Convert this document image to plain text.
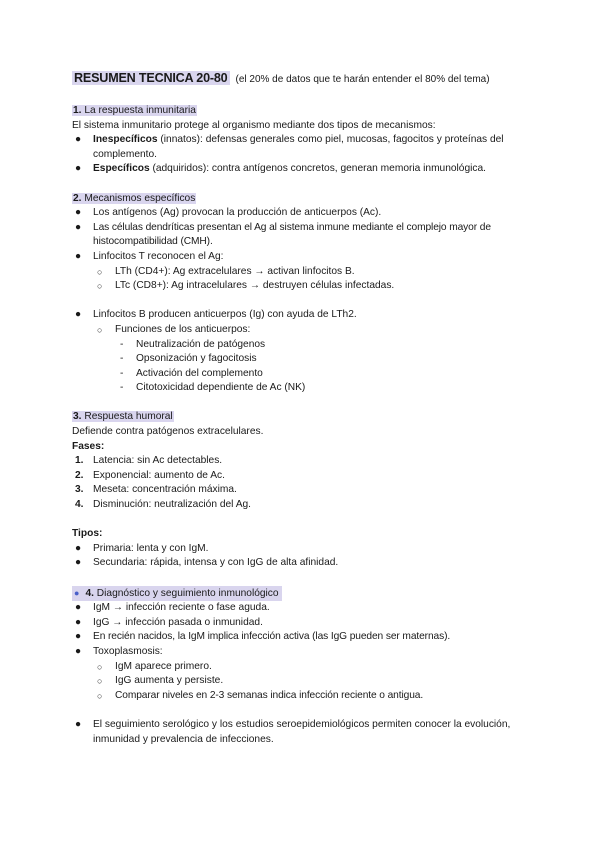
RESUMEN TECNICA 20-80 (el 20% de datos que te harán entender el 80% del tema)
1. La respuesta inmunitaria

El sistema inmunitario protege al organismo mediante dos tipos de mecanismos:

● Inespecíficos (innatos): defensas generales como piel, mucosas, fagocitos y proteínas del complemento.
● Específicos (adquiridos): contra antígenos concretos, generan memoria inmunológica.
2. Mecanismos específicos
● Los antígenos (Ag) provocan la producción de anticuerpos (Ac).
● Las células dendríticas presentan el Ag al sistema inmune mediante el complejo mayor de histocompatibilidad (CMH).
● Linfocitos T reconocen el Ag:
○ LTh (CD4+): Ag extracelulares → activan linfocitos B.
○ LTc (CD8+): Ag intracelulares → destruyen células infectadas.
● Linfocitos B producen anticuerpos (Ig) con ayuda de LTh2.
○ Funciones de los anticuerpos:
- Neutralización de patógenos
- Opsonización y fagocitosis
- Activación del complemento
- Citotoxicidad dependiente de Ac (NK)
3. Respuesta humoral

Defiende contra patógenos extracelulares.

Fases:

1. Latencia: sin Ac detectables.
2. Exponencial: aumento de Ac.
3. Meseta: concentración máxima.
4. Disminución: neutralización del Ag.

Tipos:

● Primaria: lenta y con IgM.
● Secundaria: rápida, intensa y con IgG de alta afinidad.
● 4. Diagnóstico y seguimiento inmunológico
● IgM → infección reciente o fase aguda.
● IgG → infección pasada o inmunidad.
● En recién nacidos, la IgM implica infección activa (las IgG pueden ser maternas).
● Toxoplasmosis:
○ IgM aparece primero.
○ IgG aumenta y persiste.
○ Comparar niveles en 2-3 semanas indica infección reciente o antigua.
● El seguimiento serológico y los estudios seroepidemiológicos permiten conocer la evolución, inmunidad y prevalencia de infecciones.
